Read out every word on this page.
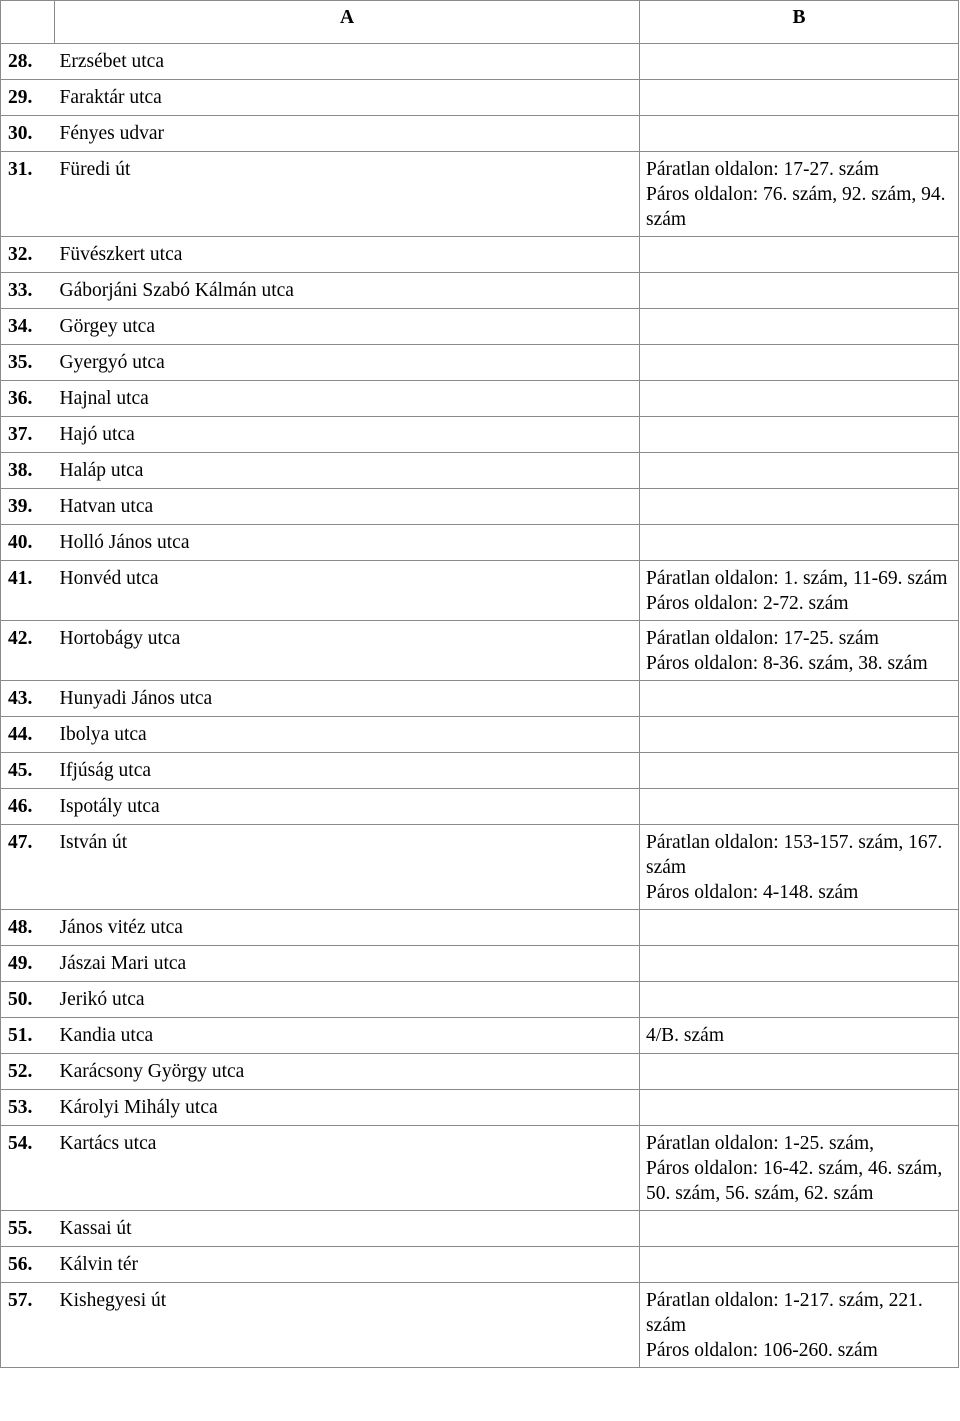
	A	B
28.	Erzsébet utca	
29.	Faraktár utca	
30.	Fényes udvar	
31.	Füredi út	Páratlan oldalon: 17-27. szám
Páros oldalon: 76. szám, 92. szám, 94. szám

32.	Füvészkert utca	
33.	Gáborjáni Szabó Kálmán utca	
34.	Görgey utca	
35.	Gyergyó utca	
36.	Hajnal utca	
37.	Hajó utca	
38.	Haláp utca	
39.	Hatvan utca	
40.	Holló János utca	
41.	Honvéd utca	Páratlan oldalon: 1. szám, 11-69. szám
Páros oldalon: 2-72. szám

42.	Hortobágy utca	Páratlan oldalon: 17-25. szám
Páros oldalon: 8-36. szám, 38. szám

43.	Hunyadi János utca	
44.	Ibolya utca	
45.	Ifjúság utca	
46.	Ispotály utca	
47.	István út	Páratlan oldalon: 153-157. szám, 167. szám
Páros oldalon: 4-148. szám

48.	János vitéz utca	
49.	Jászai Mari utca	
50.	Jerikó utca	
51.	Kandia utca	4/B. szám

52.	Karácsony György utca	
53.	Károlyi Mihály utca	
54.	Kartács utca	Páratlan oldalon: 1-25. szám,
Páros oldalon: 16-42. szám, 46. szám, 50. szám, 56. szám, 62. szám

55.	Kassai út	
56.	Kálvin tér	
57.	Kishegyesi út	Páratlan oldalon: 1-217. szám, 221. szám
Páros oldalon: 106-260. szám
